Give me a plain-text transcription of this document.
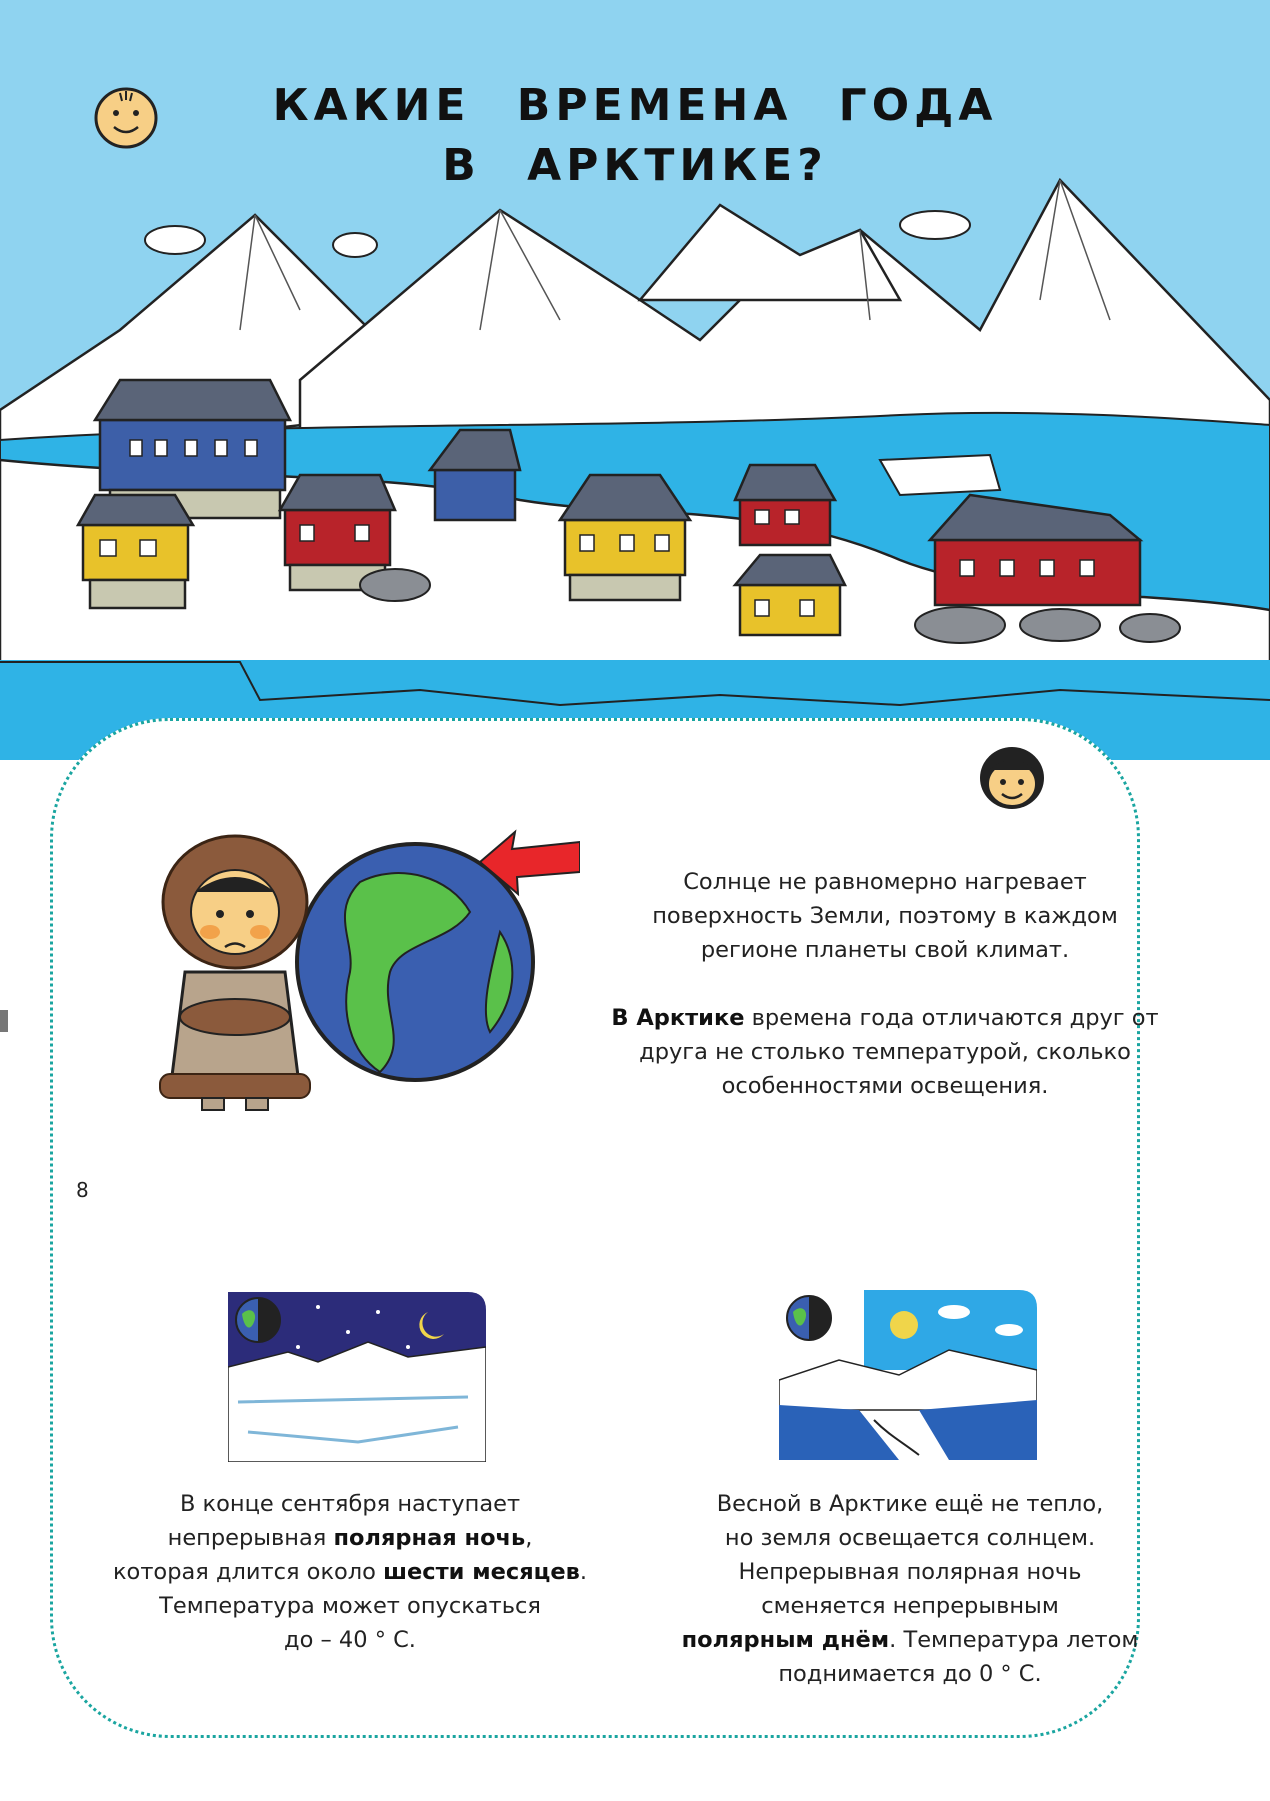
КАКИЕ ВРЕМЕНА ГОДА
В АРКТИКЕ?

Солнце не равномерно нагревает поверхность Земли, поэтому в каждом регионе планеты свой климат.

В Арктике времена года отличаются друг от друга не столько температурой, сколько особенностями освещения.

8
В конце сентября наступает
непрерывная полярная ночь,
которая длится около шести месяцев.
Температура может опускаться
до – 40 ° С.
Весной в Арктике ещё не тепло,
но земля освещается солнцем.
Непрерывная полярная ночь
сменяется непрерывным
полярным днём. Температура летом
поднимается до 0 ° С.
